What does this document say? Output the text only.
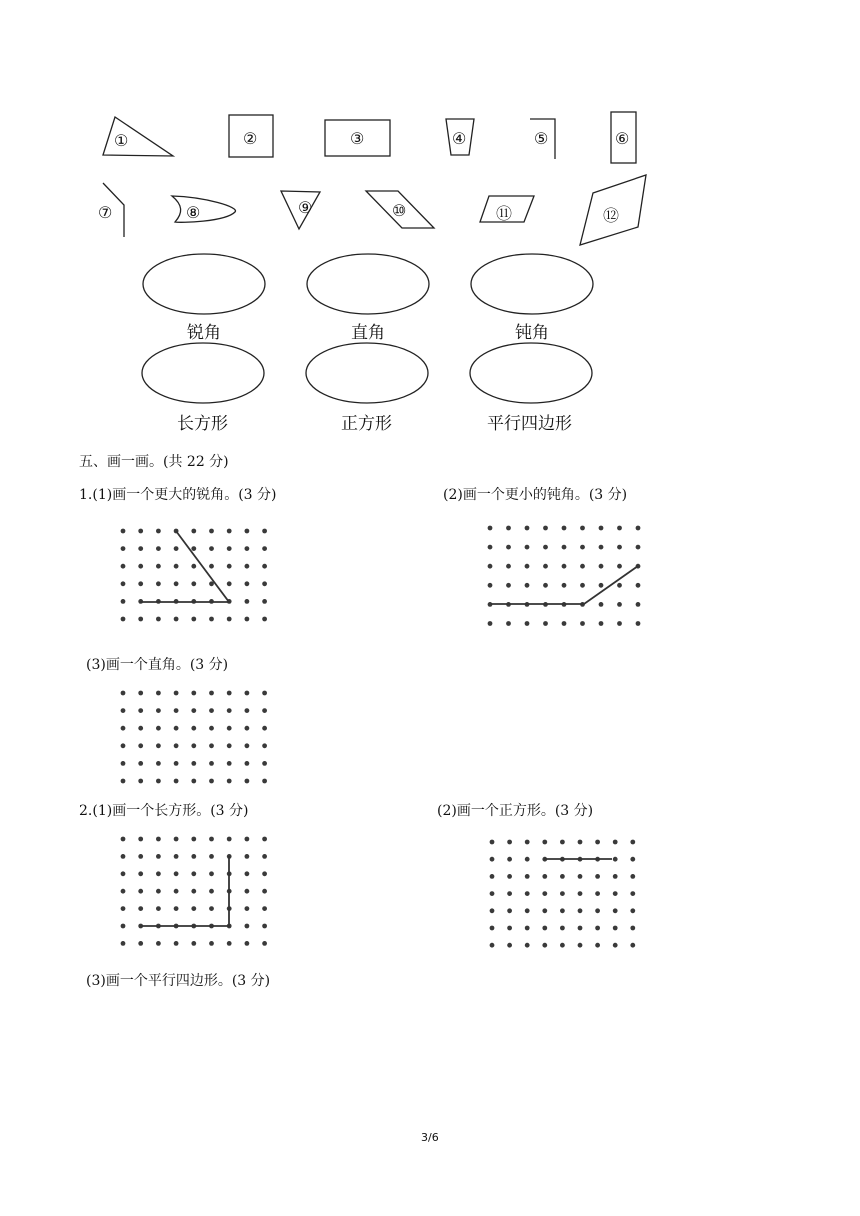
①	②	③	④	⑤	⑥
⑦	⑧	⑨	⑩	⑪	⑫
锐角	直角	钝角
长方形	正方形	平行四边形
五、画一画。(共 22 分)
1.(1)画一个更大的锐角。(3 分)	(2)画一个更小的钝角。(3 分)
(3)画一个直角。(3 分)
2.(1)画一个长方形。(3 分)	(2)画一个正方形。(3 分)
(3)画一个平行四边形。(3 分)
3/6
